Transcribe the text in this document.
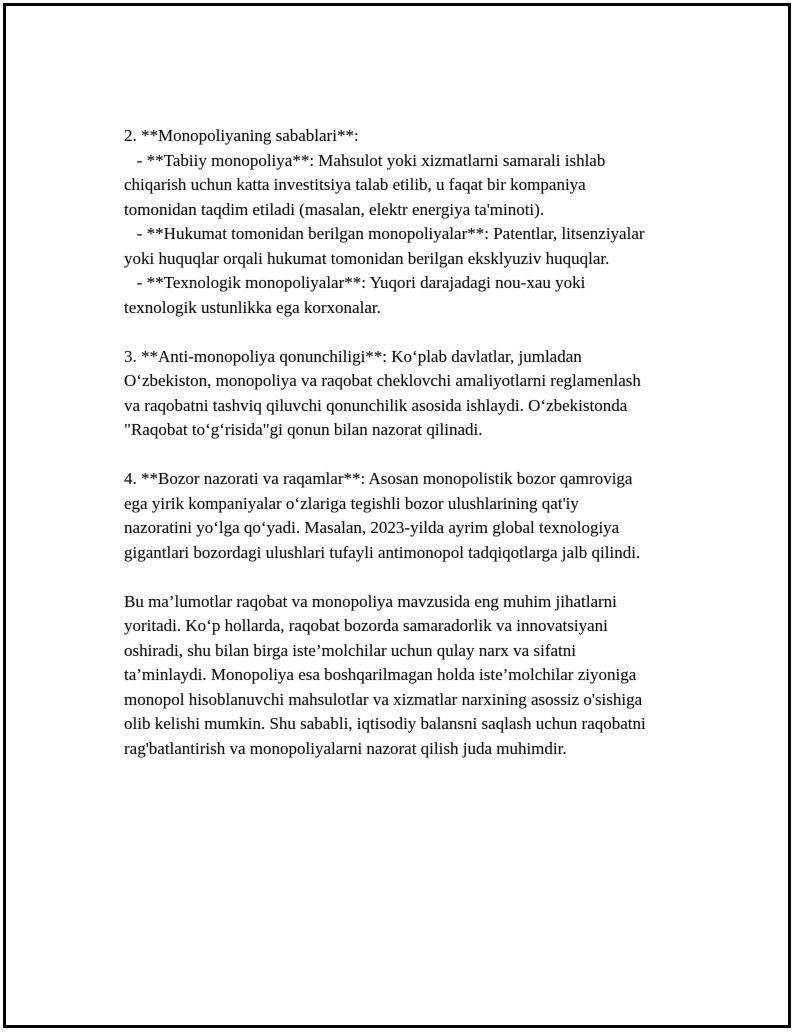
2. **Monopoliyaning sabablari**:
- **Tabiiy monopoliya**: Mahsulot yoki xizmatlarni samarali ishlab
chiqarish uchun katta investitsiya talab etilib, u faqat bir kompaniya
tomonidan taqdim etiladi (masalan, elektr energiya ta'minoti).
- **Hukumat tomonidan berilgan monopoliyalar**: Patentlar, litsenziyalar
yoki huquqlar orqali hukumat tomonidan berilgan eksklyuziv huquqlar.
- **Texnologik monopoliyalar**: Yuqori darajadagi nou-xau yoki
texnologik ustunlikka ega korxonalar.
3. **Anti-monopoliya qonunchiligi**: Ko‘plab davlatlar, jumladan
O‘zbekiston, monopoliya va raqobat cheklovchi amaliyotlarni reglamenlash
va raqobatni tashviq qiluvchi qonunchilik asosida ishlaydi. O‘zbekistonda
"Raqobat to‘g‘risida"gi qonun bilan nazorat qilinadi.
4. **Bozor nazorati va raqamlar**: Asosan monopolistik bozor qamroviga
ega yirik kompaniyalar o‘zlariga tegishli bozor ulushlarining qat'iy
nazoratini yo‘lga qo‘yadi. Masalan, 2023-yilda ayrim global texnologiya
gigantlari bozordagi ulushlari tufayli antimonopol tadqiqotlarga jalb qilindi.
Bu ma’lumotlar raqobat va monopoliya mavzusida eng muhim jihatlarni
yoritadi. Ko‘p hollarda, raqobat bozorda samaradorlik va innovatsiyani
oshiradi, shu bilan birga iste’molchilar uchun qulay narx va sifatni
ta’minlaydi. Monopoliya esa boshqarilmagan holda iste’molchilar ziyoniga
monopol hisoblanuvchi mahsulotlar va xizmatlar narxining asossiz o'sishiga
olib kelishi mumkin. Shu sababli, iqtisodiy balansni saqlash uchun raqobatni
rag'batlantirish va monopoliyalarni nazorat qilish juda muhimdir.
